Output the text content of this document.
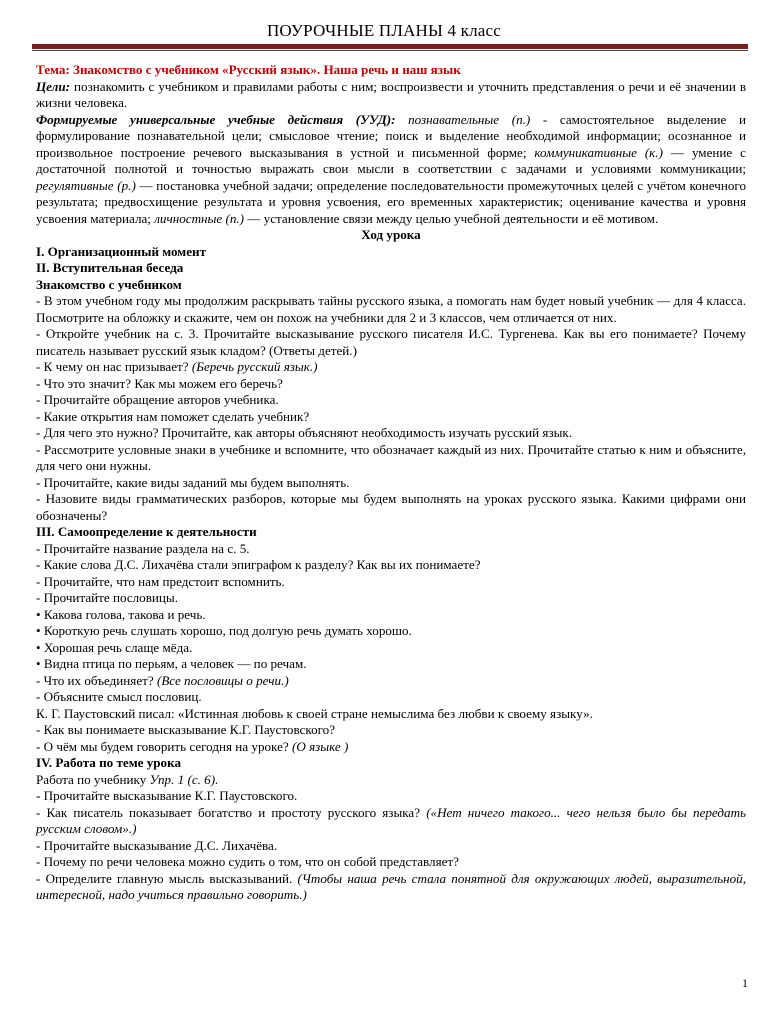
ПОУРОЧНЫЕ ПЛАНЫ 4 класс

Тема: Знакомство с учебником «Русский язык». Наша речь и наш язык

Цели: познакомить с учебником и правилами работы с ним; воспроизвести и уточнить представления о речи и её значении в жизни человека.

Формируемые универсальные учебные действия (УУД): познавательные (п.) - самостоятельное выделение и формулирование познавательной цели; смысловое чтение; поиск и выделение необходимой информации; осознанное и произвольное построение речевого высказывания в устной и письменной форме; коммуникативные (к.) — умение с достаточной полнотой и точностью выражать свои мысли в соответствии с задачами и условиями коммуникации; регулятивные (р.) — постановка учебной задачи; определение последовательности промежуточных целей с учётом конечного результата; предвосхищение результата и уровня усвоения, его временных характеристик; оценивание качества и уровня усвоения материала; личностные (п.) — установление связи между целью учебной деятельности и её мотивом.

Ход урока

I. Организационный момент

II. Вступительная беседа

Знакомство с учебником

- В этом учебном году мы продолжим раскрывать тайны русского языка, а помогать нам будет новый учебник — для 4 класса. Посмотрите на обложку и скажите, чем он похож на учебники для 2 и 3 классов, чем отличается от них.

- Откройте учебник на с. 3. Прочитайте высказывание русского писателя И.С. Тургенева. Как вы его понимаете? Почему писатель называет русский язык кладом? (Ответы детей.)

- К чему он нас призывает? (Беречь русский язык.)

- Что это значит? Как мы можем его беречь?

- Прочитайте обращение авторов учебника.

- Какие открытия нам поможет сделать учебник?

- Для чего это нужно? Прочитайте, как авторы объясняют необходимость изучать русский язык.

- Рассмотрите условные знаки в учебнике и вспомните, что обозначает каждый из них. Прочитайте статью к ним и объясните, для чего они нужны.

- Прочитайте, какие виды заданий мы будем выполнять.

- Назовите виды грамматических разборов, которые мы будем выполнять на уроках русского языка. Какими цифрами они обозначены?

III. Самоопределение к деятельности

- Прочитайте название раздела на с. 5.

- Какие слова Д.С. Лихачёва стали эпиграфом к разделу? Как вы их понимаете?

- Прочитайте, что нам предстоит вспомнить.

- Прочитайте пословицы.

• Какова голова, такова и речь.

• Короткую речь слушать хорошо, под долгую речь думать хорошо.

• Хорошая речь слаще мёда.

• Видна птица по перьям, а человек — по речам.

- Что их объединяет? (Все пословицы о речи.)

- Объясните смысл пословиц.

К. Г. Паустовский писал: «Истинная любовь к своей стране немыслима без любви к своему языку».

- Как вы понимаете высказывание К.Г. Паустовского?

- О чём мы будем говорить сегодня на уроке? (О языке )

IV. Работа по теме урока

Работа по учебнику Упр. 1 (с. 6).

- Прочитайте высказывание К.Г. Паустовского.

- Как писатель показывает богатство и простоту русского языка? («Нет ничего такого... чего нельзя было бы передать русским словом».)

- Прочитайте высказывание Д.С. Лихачёва.

- Почему по речи человека можно судить о том, что он собой представляет?

- Определите главную мысль высказываний. (Чтобы наша речь стала понятной для окружающих людей, выразительной, интересной, надо учиться правильно говорить.)

1
